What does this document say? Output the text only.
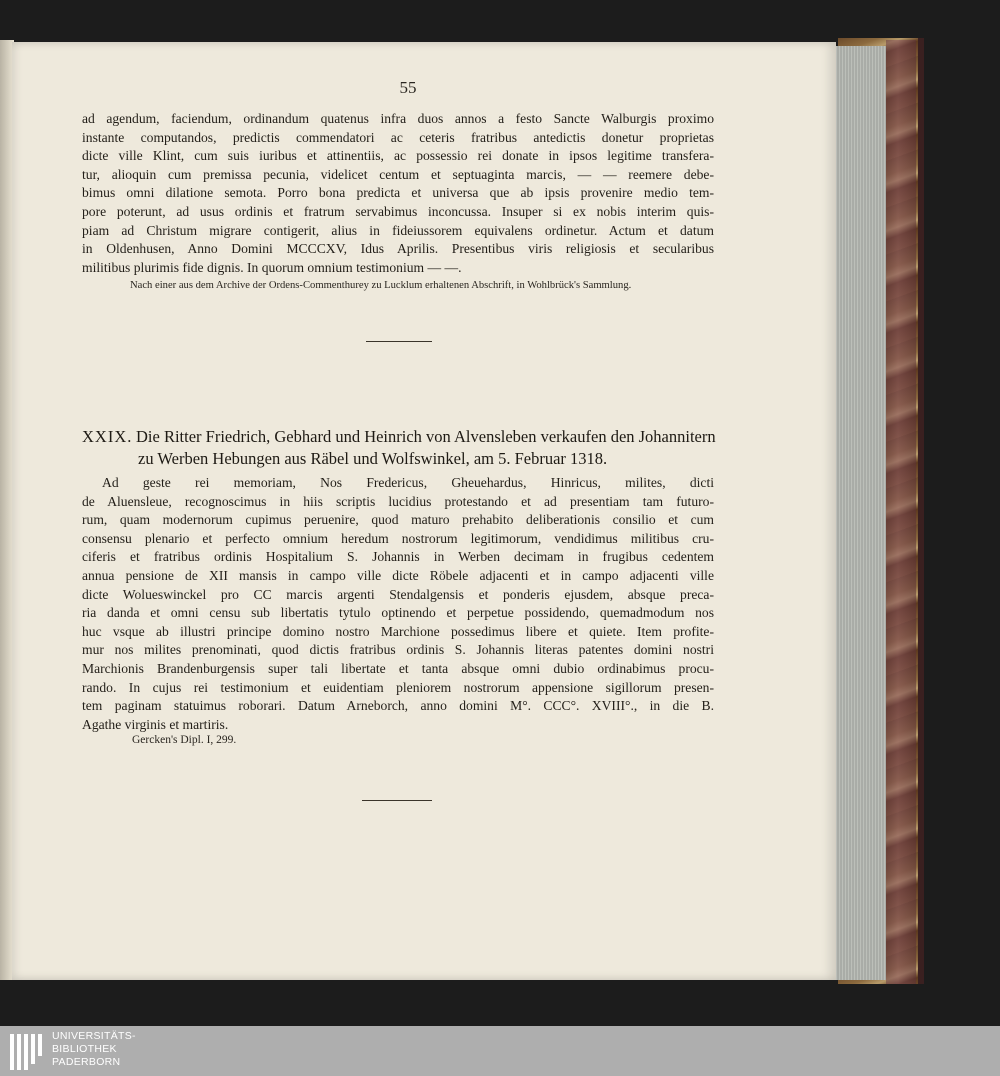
55
ad agendum, faciendum, ordinandum quatenus infra duos annos a festo Sancte Walburgis proximo
instante computandos, predictis commendatori ac ceteris fratribus antedictis donetur proprietas
dicte ville Klint, cum suis iuribus et attinentiis, ac possessio rei donate in ipsos legitime transfera-
tur, alioquin cum premissa pecunia, videlicet centum et septuaginta marcis, — — reemere debe-
bimus omni dilatione semota. Porro bona predicta et universa que ab ipsis provenire medio tem-
pore poterunt, ad usus ordinis et fratrum servabimus inconcussa. Insuper si ex nobis interim quis-
piam ad Christum migrare contigerit, alius in fideiussorem equivalens ordinetur. Actum et datum
in Oldenhusen, Anno Domini MCCCXV, Idus Aprilis. Presentibus viris religiosis et secularibus
militibus plurimis fide dignis. In quorum omnium testimonium — —.
Nach einer aus dem Archive der Ordens-Commenthurey zu Lucklum erhaltenen Abschrift, in Wohlbrück's Sammlung.
XXIX. Die Ritter Friedrich, Gebhard und Heinrich von Alvensleben verkaufen den Johannitern
zu Werben Hebungen aus Räbel und Wolfswinkel, am 5. Februar 1318.
Ad geste rei memoriam, Nos Fredericus, Gheuehardus, Hinricus, milites, dicti
de Aluensleue, recognoscimus in hiis scriptis lucidius protestando et ad presentiam tam futuro-
rum, quam modernorum cupimus peruenire, quod maturo prehabito deliberationis consilio et cum
consensu plenario et perfecto omnium heredum nostrorum legitimorum, vendidimus militibus cru-
ciferis et fratribus ordinis Hospitalium S. Johannis in Werben decimam in frugibus cedentem
annua pensione de XII mansis in campo ville dicte Röbele adjacenti et in campo adjacenti ville
dicte Wolueswinckel pro CC marcis argenti Stendalgensis et ponderis ejusdem, absque preca-
ria danda et omni censu sub libertatis tytulo optinendo et perpetue possidendo, quemadmodum nos
huc vsque ab illustri principe domino nostro Marchione possedimus libere et quiete. Item profite-
mur nos milites prenominati, quod dictis fratribus ordinis S. Johannis literas patentes domini nostri
Marchionis Brandenburgensis super tali libertate et tanta absque omni dubio ordinabimus procu-
rando. In cujus rei testimonium et euidentiam pleniorem nostrorum appensione sigillorum presen-
tem paginam statuimus roborari. Datum Arneborch, anno domini M°. CCC°. XVIII°., in die B.
Agathe virginis et martiris.
Gercken's Dipl. I, 299.
UNIVERSITÄTS-
BIBLIOTHEK
PADERBORN
